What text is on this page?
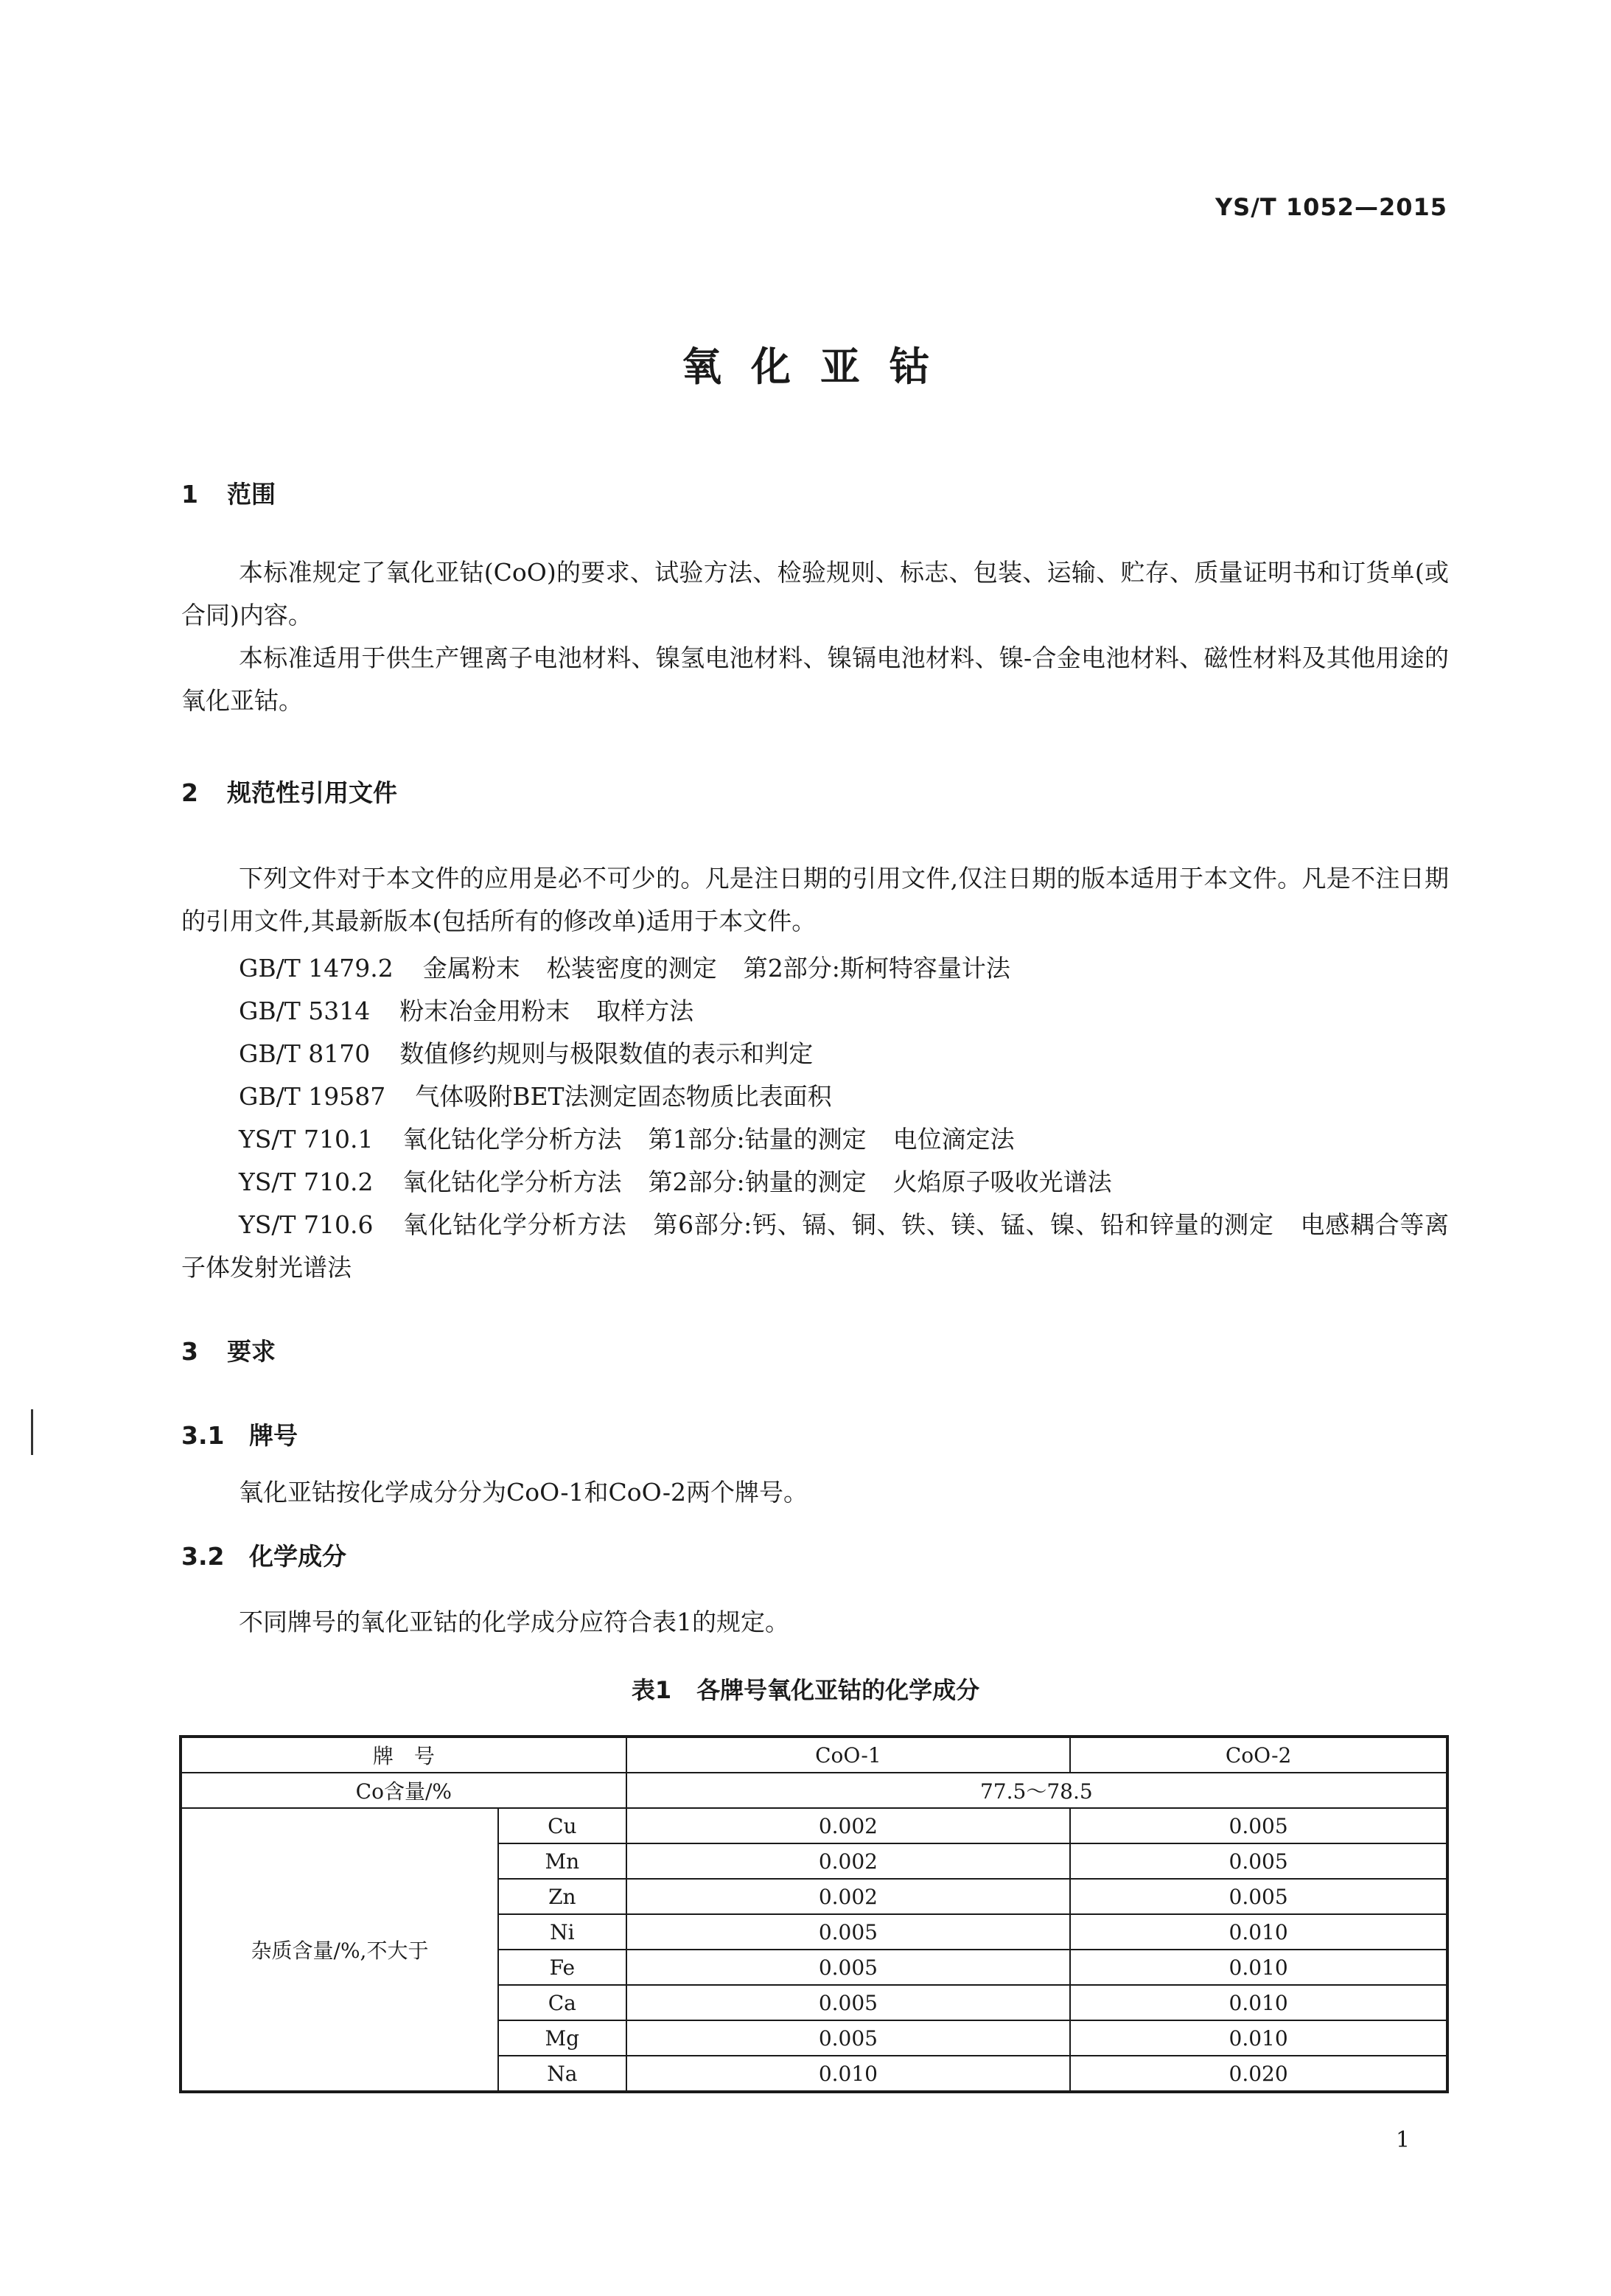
YS/T 1052—2015
氧化亚钴
1 范围

本标准规定了氧化亚钴(CoO)的要求、试验方法、检验规则、标志、包装、运输、贮存、质量证明书和订货单(或合同)内容。

本标准适用于供生产锂离子电池材料、镍氢电池材料、镍镉电池材料、镍-合金电池材料、磁性材料及其他用途的氧化亚钴。

2 规范性引用文件

下列文件对于本文件的应用是必不可少的。凡是注日期的引用文件,仅注日期的版本适用于本文件。凡是不注日期的引用文件,其最新版本(包括所有的修改单)适用于本文件。

GB/T 1479.2 金属粉末 松装密度的测定 第2部分:斯柯特容量计法
GB/T 5314 粉末冶金用粉末 取样方法
GB/T 8170 数值修约规则与极限数值的表示和判定
GB/T 19587 气体吸附BET法测定固态物质比表面积
YS/T 710.1 氧化钴化学分析方法 第1部分:钴量的测定 电位滴定法
YS/T 710.2 氧化钴化学分析方法 第2部分:钠量的测定 火焰原子吸收光谱法
YS/T 710.6 氧化钴化学分析方法 第6部分:钙、镉、铜、铁、镁、锰、镍、铅和锌量的测定 电感耦合等离子体发射光谱法
3 要求
3.1 牌号

氧化亚钴按化学成分分为CoO-1和CoO-2两个牌号。

3.2 化学成分

不同牌号的氧化亚钴的化学成分应符合表1的规定。

表1 各牌号氧化亚钴的化学成分
牌　号		CoO-1	CoO-2
Co含量/%		77.5～78.5	
杂质含量/%,不大于	Cu	0.002	0.005
	Mn	0.002	0.005
	Zn	0.002	0.005
	Ni	0.005	0.010
	Fe	0.005	0.010
	Ca	0.005	0.010
	Mg	0.005	0.010
	Na	0.010	0.020
1
